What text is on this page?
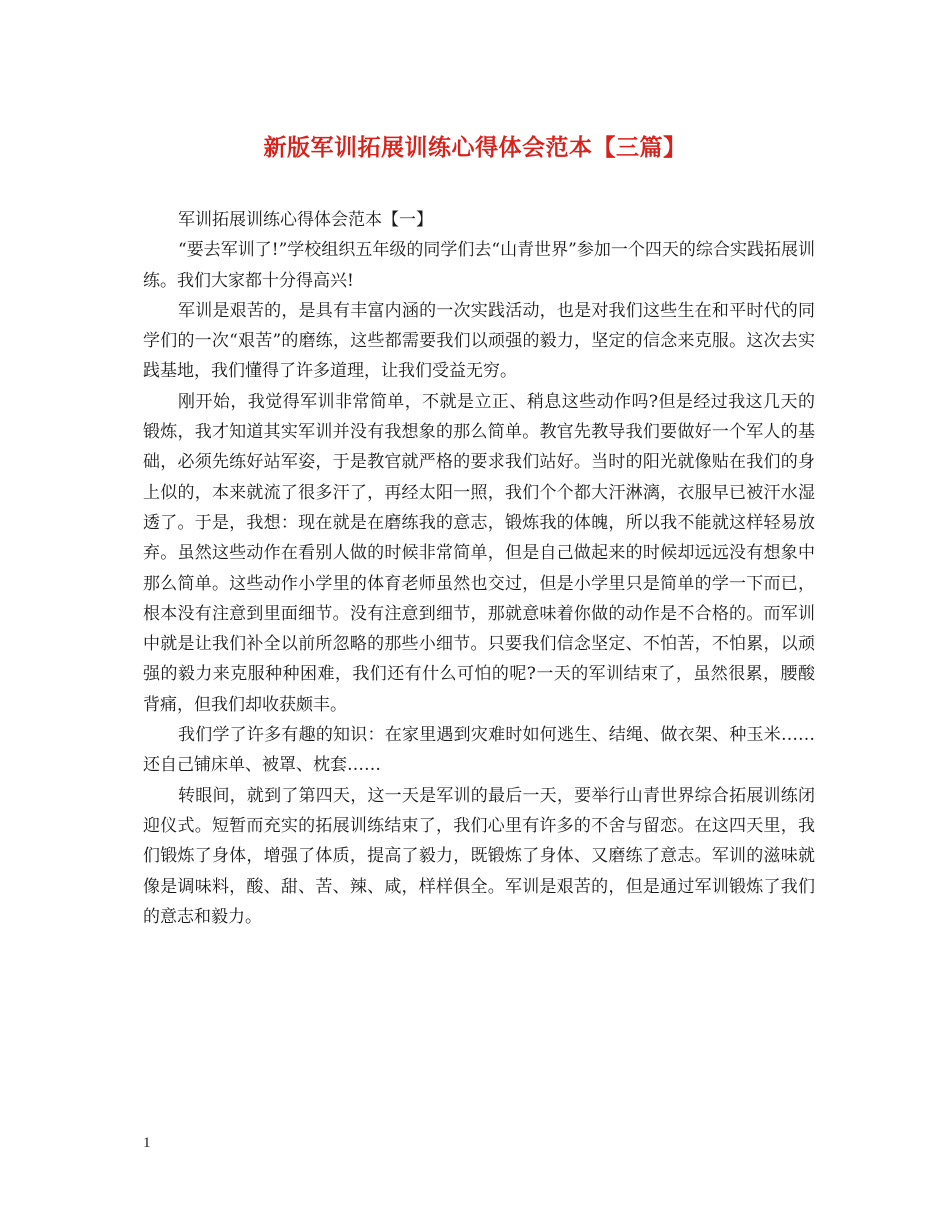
新版军训拓展训练心得体会范本【三篇】

军训拓展训练心得体会范本【一】

“要去军训了!”学校组织五年级的同学们去“山青世界”参加一个四天的综合实践拓展训练。我们大家都十分得高兴!

军训是艰苦的，是具有丰富内涵的一次实践活动，也是对我们这些生在和平时代的同学们的一次“艰苦”的磨练，这些都需要我们以顽强的毅力，坚定的信念来克服。这次去实践基地，我们懂得了许多道理，让我们受益无穷。

刚开始，我觉得军训非常简单，不就是立正、稍息这些动作吗?但是经过我这几天的锻炼，我才知道其实军训并没有我想象的那么简单。教官先教导我们要做好一个军人的基础，必须先练好站军姿，于是教官就严格的要求我们站好。当时的阳光就像贴在我们的身上似的，本来就流了很多汗了，再经太阳一照，我们个个都大汗淋漓，衣服早已被汗水湿透了。于是，我想：现在就是在磨练我的意志，锻炼我的体魄，所以我不能就这样轻易放弃。虽然这些动作在看别人做的时候非常简单，但是自己做起来的时候却远远没有想象中那么简单。这些动作小学里的体育老师虽然也交过，但是小学里只是简单的学一下而已，根本没有注意到里面细节。没有注意到细节，那就意味着你做的动作是不合格的。而军训中就是让我们补全以前所忽略的那些小细节。只要我们信念坚定、不怕苦，不怕累，以顽强的毅力来克服种种困难，我们还有什么可怕的呢?一天的军训结束了，虽然很累，腰酸背痛，但我们却收获颇丰。

我们学了许多有趣的知识：在家里遇到灾难时如何逃生、结绳、做衣架、种玉米……还自己铺床单、被罩、枕套……

转眼间，就到了第四天，这一天是军训的最后一天，要举行山青世界综合拓展训练闭迎仪式。短暂而充实的拓展训练结束了，我们心里有许多的不舍与留恋。在这四天里，我们锻炼了身体，增强了体质，提高了毅力，既锻炼了身体、又磨练了意志。军训的滋味就像是调味料，酸、甜、苦、辣、咸，样样俱全。军训是艰苦的，但是通过军训锻炼了我们的意志和毅力。

1
